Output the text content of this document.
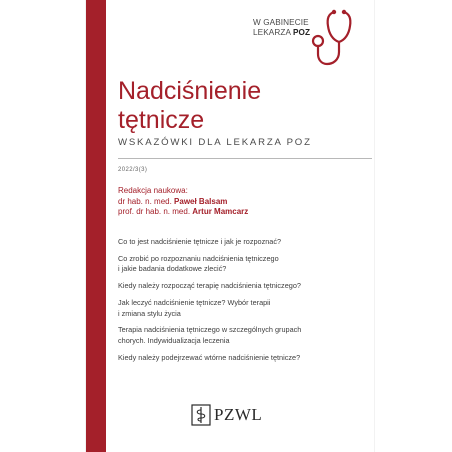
W GABINECIE
LEKARZA POZ
Nadciśnienie
tętnicze
WSKAZÓWKI DLA LEKARZA POZ
2022/3(3)
Redakcja naukowa:
dr hab. n. med. Paweł Balsam
prof. dr hab. n. med. Artur Mamcarz
Co to jest nadciśnienie tętnicze i jak je rozpoznać?
Co zrobić po rozpoznaniu nadciśnienia tętniczego
i jakie badania dodatkowe zlecić?
Kiedy należy rozpocząć terapię nadciśnienia tętniczego?
Jak leczyć nadciśnienie tętnicze? Wybór terapii
i zmiana stylu życia
Terapia nadciśnienia tętniczego w szczególnych grupach
chorych. Indywidualizacja leczenia
Kiedy należy podejrzewać wtórne nadciśnienie tętnicze?
PZWL
